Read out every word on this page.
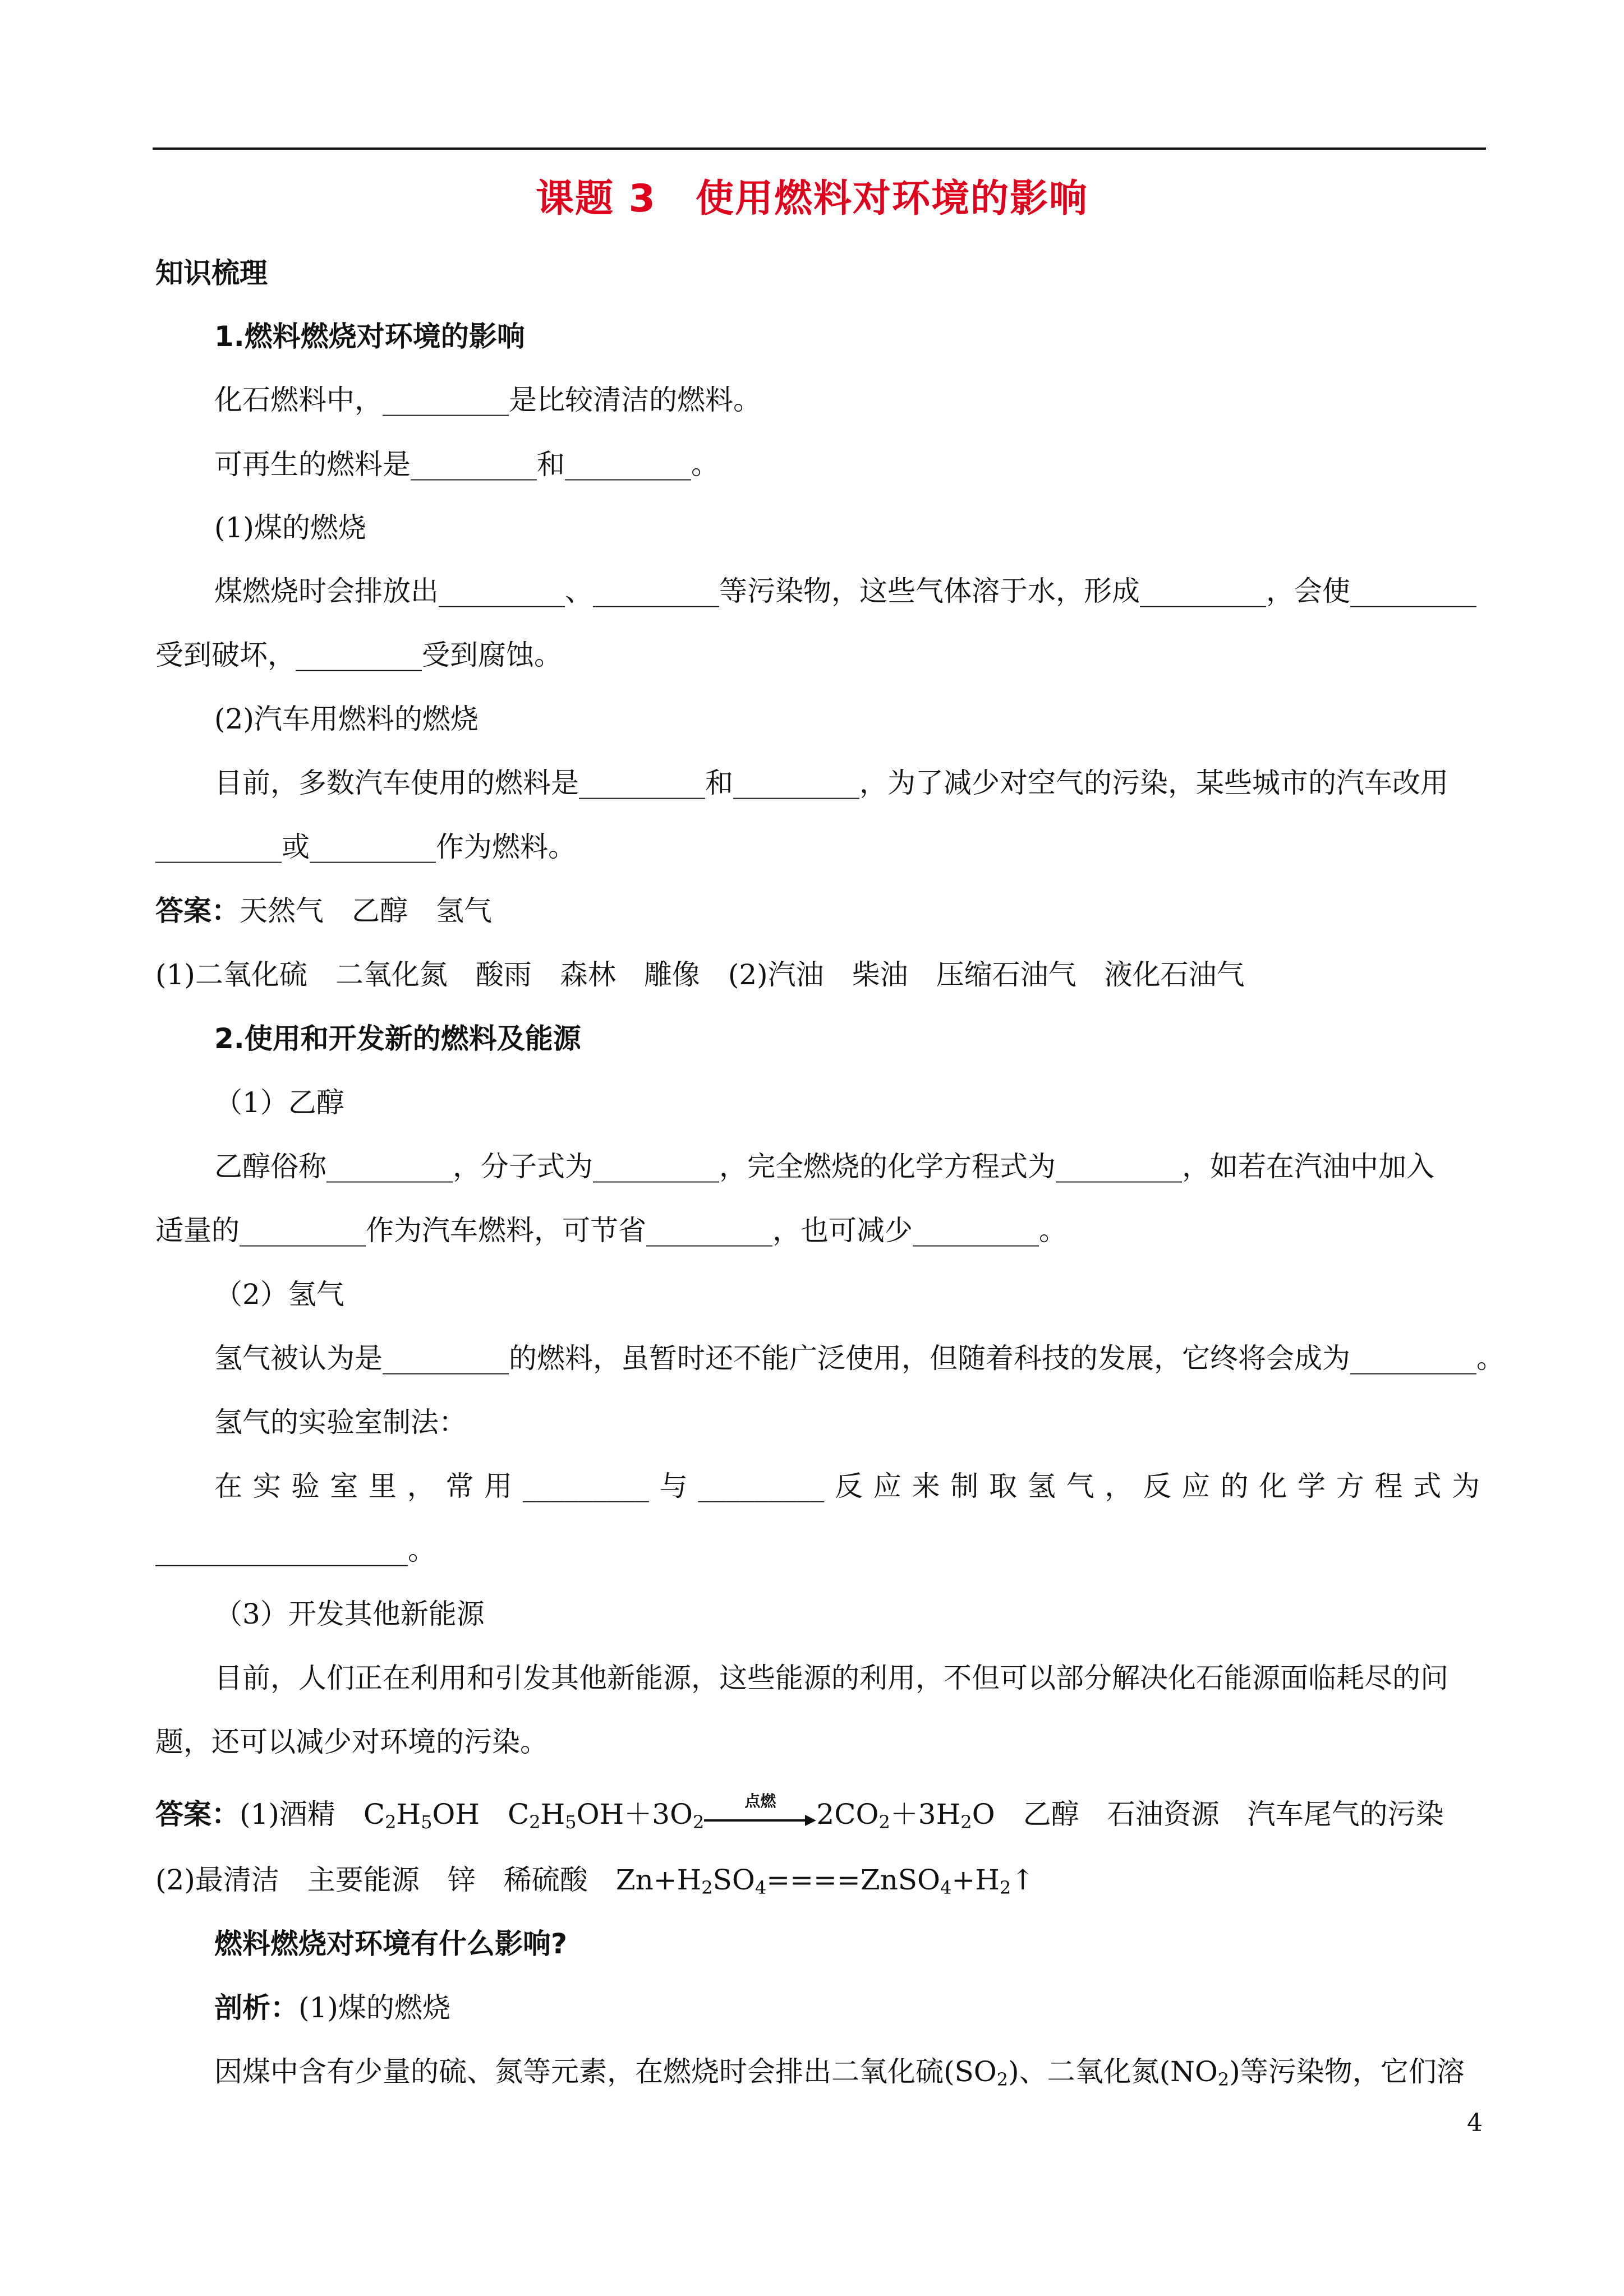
课题 3　使用燃料对环境的影响
知识梳理
1.燃料燃烧对环境的影响
化石燃料中，_________是比较清洁的燃料。
可再生的燃料是_________和_________。
(1)煤的燃烧
煤燃烧时会排放出_________、_________等污染物，这些气体溶于水，形成_________，会使_________
受到破坏，_________受到腐蚀。
(2)汽车用燃料的燃烧
目前，多数汽车使用的燃料是_________和_________，为了减少对空气的污染，某些城市的汽车改用
_________或_________作为燃料。
答案：天然气　乙醇　氢气
(1)二氧化硫　二氧化氮　酸雨　森林　雕像　(2)汽油　柴油　压缩石油气　液化石油气
2.使用和开发新的燃料及能源
（1）乙醇
乙醇俗称_________，分子式为_________，完全燃烧的化学方程式为_________，如若在汽油中加入
适量的_________作为汽车燃料，可节省_________，也可减少_________。
（2）氢气
氢气被认为是_________的燃料，虽暂时还不能广泛使用，但随着科技的发展，它终将会成为_________。
氢气的实验室制法：
在实验室里，常用_________与_________反应来制取氢气，反应的化学方程式为
__________________。
（3）开发其他新能源
目前，人们正在利用和引发其他新能源，这些能源的利用，不但可以部分解决化石能源面临耗尽的问
题，还可以减少对环境的污染。
答案：(1)酒精　 $C_2H_5OH$　 $C_2H_5OH+3O_2$
点燃	$2CO_2+3H_2O$　 乙醇　石油资源　汽车尾气的污染
(2)最清洁　主要能源　锌　稀硫酸　$Zn+H_2SO_4====ZnSO_4+H_2↑$
燃料燃烧对环境有什么影响?
剖析：(1)煤的燃烧
因煤中含有少量的硫、氮等元素，在燃烧时会排出二氧化硫$(SO_2)$、二氧化氮$(NO_2)$等污染物，它们溶
4
